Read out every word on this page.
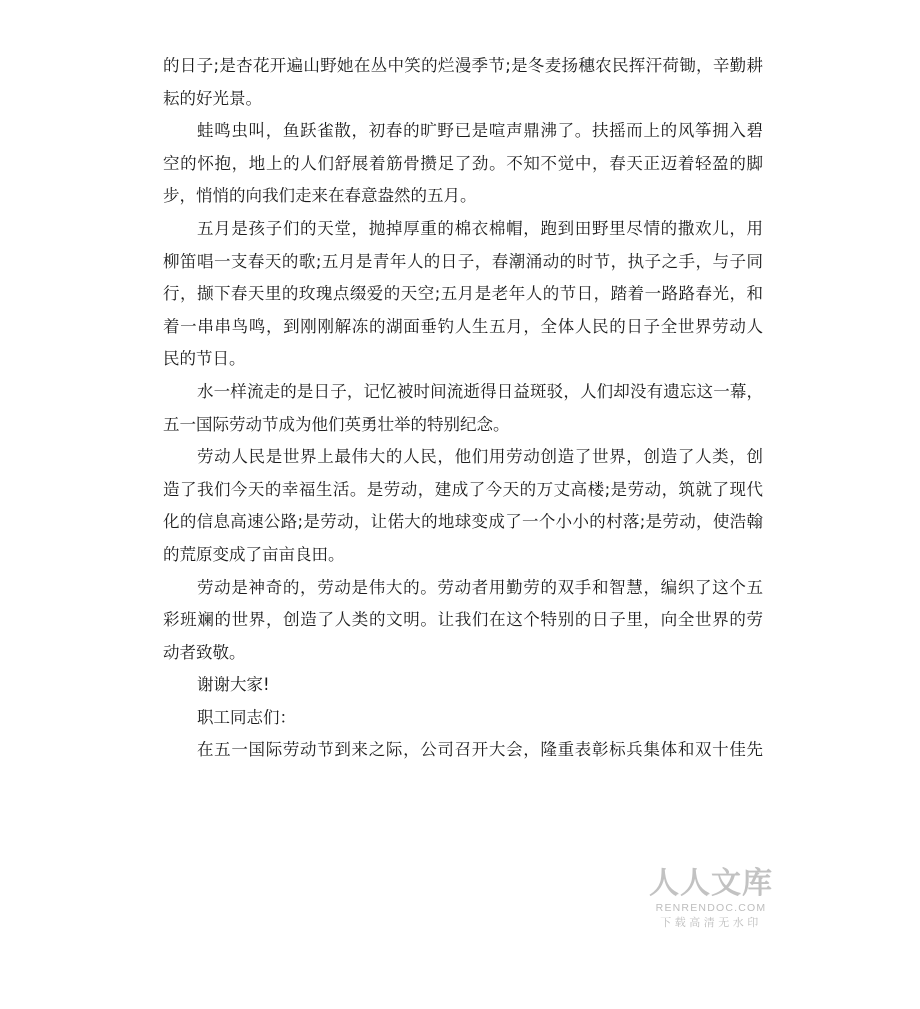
的日子;是杏花开遍山野她在丛中笑的烂漫季节;是冬麦扬穗农民挥汗荷锄，辛勤耕
耘的好光景。
蛙鸣虫叫，鱼跃雀散，初春的旷野已是喧声鼎沸了。扶摇而上的风筝拥入碧
空的怀抱，地上的人们舒展着筋骨攒足了劲。不知不觉中，春天正迈着轻盈的脚
步，悄悄的向我们走来在春意盎然的五月。
五月是孩子们的天堂，抛掉厚重的棉衣棉帽，跑到田野里尽情的撒欢儿，用
柳笛唱一支春天的歌;五月是青年人的日子，春潮涌动的时节，执子之手，与子同
行，撷下春天里的玫瑰点缀爱的天空;五月是老年人的节日，踏着一路路春光，和
着一串串鸟鸣，到刚刚解冻的湖面垂钓人生五月，全体人民的日子全世界劳动人
民的节日。
水一样流走的是日子，记忆被时间流逝得日益斑驳，人们却没有遗忘这一幕，
五一国际劳动节成为他们英勇壮举的特别纪念。
劳动人民是世界上最伟大的人民，他们用劳动创造了世界，创造了人类，创
造了我们今天的幸福生活。是劳动，建成了今天的万丈高楼;是劳动，筑就了现代
化的信息高速公路;是劳动，让偌大的地球变成了一个小小的村落;是劳动，使浩翰
的荒原变成了亩亩良田。
劳动是神奇的，劳动是伟大的。劳动者用勤劳的双手和智慧，编织了这个五
彩班斓的世界，创造了人类的文明。让我们在这个特别的日子里，向全世界的劳
动者致敬。
谢谢大家!
职工同志们：
在五一国际劳动节到来之际，公司召开大会，隆重表彰标兵集体和双十佳先
人人文库
RENRENDOC.COM
下载高清无水印
